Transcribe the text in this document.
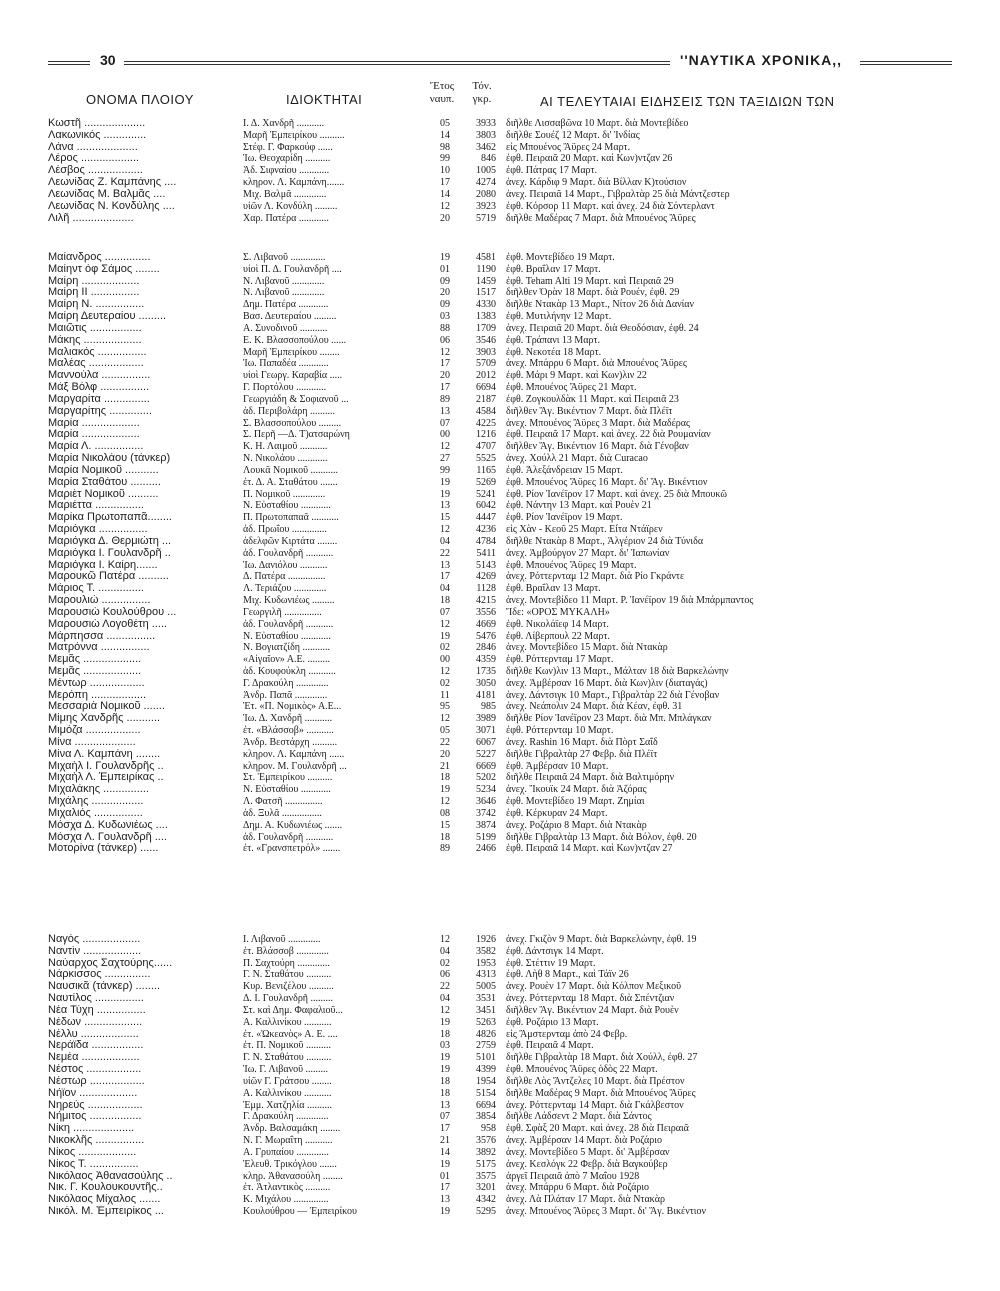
30	''ΝΑΥΤΙΚΑ ΧΡΟΝΙΚΑ,,
ΟΝΟΜΑ ΠΛΟΙΟΥ	ΙΔΙΟΚΤΗΤΑΙ
Ἔτος
ναυπ.
Τόν.
γκρ.	ΑΙ ΤΕΛΕΥΤΑΙΑΙ ΕΙΔΗΣΕΙΣ ΤΩΝ ΤΑΞΙΔΙΩΝ ΤΩΝ
Κωστῆ ....................	Ι. Δ. Χανδρῆ ...........	05	3933 διῆλθε Λισσαβῶνα 10 Μαρτ. διὰ Μοντεβίδεο
Λακωνικός ..............	Μαρῆ Ἐμπειρίκου ..........	14	3803 διῆλθε Σουέζ 12 Μαρτ. δι' Ἰνδίας
Λάνα ....................	Στέφ. Γ. Φαρκούφ ......	98	3462 εἰς Μπουένος Ἄϋρες 24 Μαρτ.
Λέρος ...................	Ἰω. Θεοχαρίδη ..........	99	846 ἐφθ. Πειραιᾶ 20 Μαρτ. καὶ Κων)ντζαν 26
Λέσβος ..................	Ἀδ. Σιφναίου ............	10	1005 ἐφθ. Πάτρας 17 Μαρτ.
Λεωνίδας Ζ. Καμπάνης ....	κληρον. Λ. Καμπάνη.......	17	4274 ἀνεχ. Κάρδιφ 9 Μαρτ. διὰ Βίλλαν Κ)τούσιον
Λεωνίδας Μ. Βαλμᾶς ....	Μιχ. Βαλμᾶ .............	14	2080 ἀνεχ. Πειραιᾶ 14 Μαρτ., Γιβραλτὰρ 25 διὰ Μάντζεστερ
Λεωνίδας Ν. Κονδύλης ....	υἱῶν Λ. Κονδύλη .........	12	3923 ἐφθ. Κόρσορ 11 Μαρτ. καὶ ἀνεχ. 24 διὰ Σόντερλαντ
Λιλῆ ....................	Χαρ. Πατέρα ............	20	5719 διῆλθε Μαδέρας 7 Μαρτ. διὰ Μπουένος Ἄϋρες
Μαίανδρος ...............	Σ. Λιβανοῦ ..............	19	4581 ἐφθ. Μοντεβίδεο 19 Μαρτ.
Μαίηντ όφ Σάμος ........	υἱοὶ Π. Δ. Γουλανδρῆ ....	01	1190 ἐφθ. Βραΐλαν 17 Μαρτ.
Μαίρη ...................	Ν. Λιβανοῦ .............	09	1459 ἐφθ. Teham Alti 19 Μαρτ. καὶ Πειραιᾶ 29
Μαίρη ΙΙ ................	Ν. Λιβανοῦ .............	20	1517 διῆλθεν Ὀρὰν 18 Μαρτ. διὰ Ρουέν, ἐφθ. 29
Μαίρη Ν. ................	Δημ. Πατέρα ............	09	4330 διῆλθε Ντακὰρ 13 Μαρτ., Νίτον 26 διὰ Δανίαν
Μαίρη Δευτεραίου .........	Βασ. Δευτεραίου .........	03	1383 ἐφθ. Μυτιλήνην 12 Μαρτ.
Μαιῶτις .................	Α. Συνοδινοῦ ...........	88	1709 ἀνεχ. Πειραιᾶ 20 Μαρτ. διὰ Θεοδόσιαν, ἐφθ. 24
Μάκης ...................	Ε. Κ. Βλασσοπούλου ......	06	3546 ἐφθ. Τράπανι 13 Μαρτ.
Μαλιακός ................	Μαρῆ Ἐμπειρίκου ........	12	3903 ἐφθ. Νεκοτέα 18 Μαρτ.
Μαλέας ..................	Ἰω. Παπαδέα ............	17	5709 ἀνεχ. Μπάρρυ 6 Μαρτ. διὰ Μπουένος Ἄϋρες
Μαννούλα ................	υἱοὶ Γεωργ. Καραβία .....	20	2012 ἐφθ. Μάρι 9 Μαρτ. καὶ Κων)λιν 22
Μάξ Βόλφ ................	Γ. Πορτόλου ............	17	6694 ἐφθ. Μπουένος Ἄϋρες 21 Μαρτ.
Μαργαρίτα ...............	Γεωργιάδη & Σοφιανοῦ ...	89	2187 ἐφθ. Ζογκουλδὰκ 11 Μαρτ. καὶ Πειραιᾶ 23
Μαργαρίτης ..............	ἀδ. Περιβολάρη ..........	13	4584 διῆλθεν Ἅγ. Βικέντιον 7 Μαρτ. διὰ Πλέϊτ
Μαρία ...................	Σ. Βλασσοπούλου .........	07	4225 ἀνεχ. Μπουένος Ἄϋρες 3 Μαρτ. διὰ Μαδέρας
Μαρία ...................	Σ. Περῆ —Δ. Τ)ατσαρώνη	00	1216 ἐφθ. Πειραιᾶ 17 Μαρτ. καὶ ἀνεχ. 22 διὰ Ρουμανίαν
Μαρία Λ. ................	Κ. Η. Λαιμοῦ ...........	12	4707 διῆλθεν Ἅγ. Βικέντιον 16 Μαρτ. διὰ Γένοβαν
Μαρία Νικολάου (τάνκερ)	Ν. Νικολάου ............	27	5525 ἀνεχ. Χούλλ 21 Μαρτ. διὰ Curacao
Μαρία Νομικοῦ ...........	Λουκᾶ Νομικοῦ ...........	99	1165 ἐφθ. Ἀλεξάνδρειαν 15 Μαρτ.
Μαρία Σταθάτου ..........	ἐτ. Δ. Α. Σταθάτου .......	19	5269 ἐφθ. Μπουένος Ἄϋρες 16 Μαρτ. δι' Ἅγ. Βικέντιον
Μαριὲτ Νομικοῦ ..........	Π. Νομικοῦ .............	19	5241 ἐφθ. Ρίον Ἰανέϊρον 17 Μαρτ. καὶ ἀνεχ. 25 διὰ Μπουκῶ
Μαριέττα ................	Ν. Εὐσταθίου ............	13	6042 ἐφθ. Νάντην 13 Μαρτ. καὶ Ρουὲν 21
Μαρίκα Πρωτοπαπᾶ........	Π. Πρωτοπαπαᾶ ...........	15	4447 ἐφθ. Ρίον Ἰανέϊρον 19 Μαρτ.
Μαριόγκα ................	ἀδ. Πρωΐου ..............	12	4236 εἰς Χὰν - Κεοῦ 25 Μαρτ. Εἶτα Ντάϊρεν
Μαριόγκα Δ. Θερμιώτη ...	ἀδελφῶν Κιρτάτα ........	04	4784 διῆλθε Ντακὰρ 8 Μαρτ., Ἀλγέριον 24 διὰ Τύνιδα
Μαριόγκα Ι. Γουλανδρῆ ..	ἀδ. Γουλανδρῆ ...........	22	5411 ἀνεχ. Ἀμβούργον 27 Μαρτ. δι' Ἰαπωνίαν
Μαριόγκα Ι. Καίρη.......	Ἰω. Δανιόλου ...........	13	5143 ἐφθ. Μπουένος Ἄϋρες 19 Μαρτ.
Μαρουκῶ Πατέρα ..........	Δ. Πατέρα ...............	17	4269 ἀνεχ. Ρόττερνταμ 12 Μαρτ. διὰ Ρίο Γκράντε
Μάριος Τ. ...............	Λ. Τεριάζου .............	04	1128 ἐφθ. Βραΐλαν 13 Μαρτ.
Μαρουλιώ ................	Μιχ. Κυδωνιέως .........	18	4215 ἀνεχ. Μοντεβίδεο 11 Μαρτ. Ρ. Ἰανέϊρον 19 διὰ Μπάρμπαντος
Μαρουσιὼ Κουλούθρου ...	Γεωργιλῆ ...............	07	3556 Ἴδε: «ΟΡΟΣ ΜΥΚΑΛΗ»
Μαρουσιὼ Λογοθέτη .....	ἀδ. Γουλανδρῆ ...........	12	4669 ἐφθ. Νικολάϊεφ 14 Μαρτ.
Μάρπησσα ................	Ν. Εὐσταθίου ............	19	5476 ἐφθ. Λίβερπουλ 22 Μαρτ.
Ματρόννα ................	Ν. Βογιατζίδη ...........	02	2846 ἀνεχ. Μοντεβίδεο 15 Μαρτ. διὰ Ντακὰρ
Μεμᾶς ...................	«Αἰγαῖον» Α.Ε. .........	00	4359 ἐφθ. Ρόττερνταμ 17 Μαρτ.
Μεμᾶς ...................	ἀδ. Κουφούκλη ...........	12	1735 διῆλθε Κων)λιν 13 Μαρτ., Μάλταν 18 διὰ Βαρκελώνην
Μέντωρ ..................	Γ. Δρακούλη .............	02	3050 ἀνεχ. Ἀμβέρσαν 16 Μαρτ. διὰ Κων)λιν (διαταγάς)
Μερόπη ..................	Ἀνδρ. Παπᾶ .............	11	4181 ἀνεχ. Δάντσιγκ 10 Μαρτ., Γιβραλτὰρ 22 διὰ Γένοβαν
Μεσσαριὰ Νομικοῦ .......	Ἐτ. «Π. Νομικὸς» Α.Ε...	95	985 ἀνεχ. Νεάπολιν 24 Μαρτ. διὰ Κέαν, ἐφθ. 31
Μίμης Χανδρῆς ...........	Ἰω. Δ. Χανδρῆ ...........	12	3989 διῆλθε Ρίον Ἰανέϊρον 23 Μαρτ. διὰ Μπ. Μπλάγκαν
Μιμόζα ..................	ἐτ. «Βλάσσοβ» ...........	05	3071 ἐφθ. Ρόττερνταμ 10 Μαρτ.
Μίνα ....................	Ἀνδρ. Βεστάρχη ..........	22	6067 ἀνεχ. Rashin 16 Μαρτ. διὰ Πὸρτ Σαΐδ
Μίνα Λ. Καμπάνη ........	κληρον. Λ. Καμπάνη ......	20	5227 διῆλθε Γιβραλτὰρ 27 Φεβρ. διὰ Πλέϊτ
Μιχαὴλ Ι. Γουλανδρῆς ..	κληρον. Μ. Γουλανδρῆ ...	21	6669 ἐφθ. Ἀμβέρσαν 10 Μαρτ.
Μιχαὴλ Λ. Ἐμπειρίκας ..	Στ. Ἐμπειρίκου ..........	18	5202 διῆλθε Πειραιᾶ 24 Μαρτ. διὰ Βαλτιμόρην
Μιχαλάκης ...............	Ν. Εὐσταθίου ............	19	5234 ἀνεχ. Ἴκουϊκ 24 Μαρτ. διὰ Ἀζόρας
Μιχάλης .................	Λ. Φατσῆ ...............	12	3646 ἐφθ. Μοντεβίδεο 19 Μαρτ. Ζημίαι
Μιχαλιός ................	ἀδ. Ξυλᾶ ................	08	3742 ἐφθ. Κέρκυραν 24 Μαρτ.
Μόσχα Δ. Κυδωνιέως ....	Δημ. Α. Κυδωνιέως .......	15	3874 ἀνεχ. Ροζάριο 8 Μαρτ. διὰ Ντακὰρ
Μόσχα Λ. Γουλανδρῆ ....	ἀδ. Γουλανδρῆ ...........	18	5199 διῆλθε Γιβραλτὰρ 13 Μαρτ. διὰ Βόλον, ἐφθ. 20
Μοτορίνα (τάνκερ) ......	ἐτ. «Γρανσπετρόλ» .......	89	2466 ἐφθ. Πειραιᾶ 14 Μαρτ. καὶ Κων)ντζαν 27
Ναγός ...................	Ι. Λιβανοῦ .............	12	1926 ἀνεχ. Γκιζὸν 9 Μαρτ. διὰ Βαρκελώνην, ἐφθ. 19
Ναντὶν ...................	ἐτ. Βλάσσοβ .............	04	3582 ἐφθ. Δάντσιγκ 14 Μαρτ.
Ναύαρχος Σαχτούρης......	Π. Σαχτούρη .............	02	1953 ἐφθ. Στέττιν 19 Μαρτ.
Νάρκισσος ...............	Γ. Ν. Σταθάτου ..........	06	4313 ἐφθ. Λὴθ 8 Μαρτ., καὶ Τάϊν 26
Ναυσικᾶ (τάνκερ) ........	Κυρ. Βενιζέλου ..........	22	5005 ἀνεχ. Ρουὲν 17 Μαρτ. διὰ Κόλπον Μεξικοῦ
Ναυτίλος ................	Δ. Ι. Γουλανδρῆ .........	04	3531 ἀνεχ. Ρόττερνταμ 18 Μαρτ. διὰ Σπέντζιαν
Νέα Τύχη ................	Στ. καὶ Δημ. Φαφαλιοῦ...	12	3451 διῆλθεν Ἅγ. Βικέντιον 24 Μαρτ. διὰ Ρουὲν
Νέδων ...................	Α. Καλλινίκου ...........	19	5263 ἐφθ. Ροζάριο 13 Μαρτ.
Νέλλυ ...................	ἐτ. «Ὠκεανὸς» Α. Ε. ....	18	4826 εἰς Ἄμστερνταμ ἀπὸ 24 Φεβρ.
Νεράϊδα .................	ἐτ. Π. Νομικοῦ ..........	03	2759 ἐφθ. Πειραιᾶ 4 Μαρτ.
Νεμέα ...................	Γ. Ν. Σταθάτου ..........	19	5101 διῆλθε Γιβραλτὰρ 18 Μαρτ. διὰ Χούλλ, ἐφθ. 27
Νέστος ..................	Ἰω. Γ. Λιβανοῦ .........	19	4399 ἐφθ. Μπουένος Ἄϋρες ὁδὸς 22 Μαρτ.
Νέστωρ ..................	υἱῶν Γ. Γράτσου ........	18	1954 διῆλθε Λὸς Ἄντζελες 10 Μαρτ. διὰ Πρέστον
Νήϊον ...................	Α. Καλλινίκου ...........	18	5154 διῆλθε Μαδέρας 9 Μαρτ. διὰ Μπουένος Ἄϋρες
Νηρεύς ..................	Ἐμμ. Χατζηλία ..........	13	6694 ἀνεχ. Ρόττερνταμ 14 Μαρτ. διὰ Γκάλβεστον
Νήμιτος .................	Γ. Δρακούλη .............	07	3854 διῆλθε Λάδσεντ 2 Μαρτ. διὰ Σάντος
Νίκη ....................	Ἀνδρ. Βαλσαμάκη ........	17	958 ἐφθ. Σφὰξ 20 Μαρτ. καὶ ἀνεχ. 28 διὰ Πειραιᾶ
Νικοκλῆς ................	Ν. Γ. Μωραΐτη ...........	21	3576 ἀνεχ. Ἀμβέρσαν 14 Μαρτ. διὰ Ροζάριο
Νίκος ...................	Α. Γρυπαίου .............	14	3892 ἀνεχ. Μοντεβίδεο 5 Μαρτ. δι' Ἀμβέρσαν
Νίκος Τ. ................	Ἐλευθ. Τρικόγλου .......	19	5175 ἀνεχ. Κεσλόγκ 22 Φεβρ. διὰ Βαγκούβερ
Νικόλαος Ἀθανασούλης ..	κληρ. Ἀθανασούλη ........	01	3575 ἀργεῖ Πειραιᾶ ἀπὸ 7 Μαΐου 1928
Νικ. Γ. Κουλουκουντῆς..	ἐτ. Ἀτλαντικὸς ..........	17	3201 ἀνεχ. Μπάρρυ 6 Μαρτ. διὰ Ροζάριο
Νικόλαος Μίχαλος .......	Κ. Μιχάλου ..............	13	4342 ἀνεχ. Λὰ Πλάταν 17 Μαρτ. διὰ Ντακὰρ
Νικόλ. Μ. Ἐμπειρίκος ...	Κουλούθρου — Ἐμπειρίκου	19	5295 ἀνεχ. Μπουένος Ἄϋρες 3 Μαρτ. δι' Ἅγ. Βικέντιον
